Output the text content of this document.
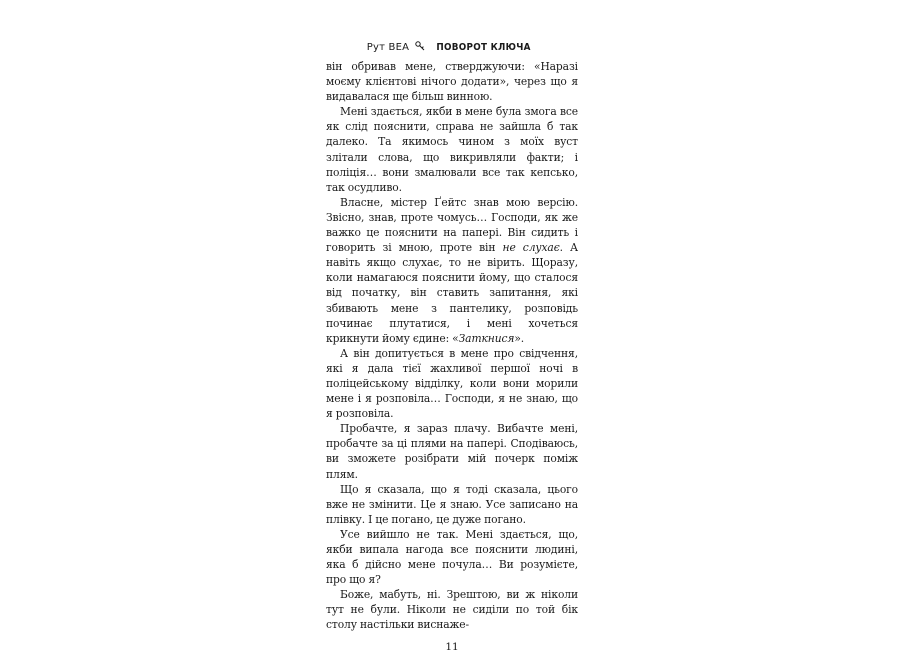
Рут ВЕА	ПОВОРОТ КЛЮЧА

він обривав мене, стверджуючи: «Наразі моєму клієнтові нічого додати», через що я видавалася ще більш винною.

Мені здається, якби в мене була змога все як слід пояснити, справа не зайшла б так далеко. Та якимось чином з моїх вуст злітали слова, що викривляли факти; і поліція… вони змалювали все так кепсько, так осудливо.

Власне, містер Ґейтс знав мою версію. Звісно, знав, проте чомусь… Господи, як же важко це пояснити на папері. Він сидить і говорить зі мною, проте він не слухає. А навіть якщо слухає, то не вірить. Щоразу, коли намагаюся пояснити йому, що сталося від початку, він ставить запитання, які збивають мене з пантелику, розповідь починає плутатися, і мені хочеться крикнути йому єдине: «Заткнися».

А він допитується в мене про свідчення, які я дала тієї жахливої першої ночі в поліцейському відділку, коли вони морили мене і я розповіла… Господи, я не знаю, що я розповіла.

Пробачте, я зараз плачу. Вибачте мені, пробачте за ці плями на папері. Сподіваюсь, ви зможете розібрати мій почерк поміж плям.

Що я сказала, що я тоді сказала, цього вже не змінити. Це я знаю. Усе записано на плівку. І це погано, це дуже погано.

Усе вийшло не так. Мені здається, що, якби випала нагода все пояснити людині, яка б дійсно мене почула… Ви розумієте, про що я?

Боже, мабуть, ні. Зрештою, ви ж ніколи тут не були. Ніколи не сиділи по той бік столу настільки виснаже-

11
